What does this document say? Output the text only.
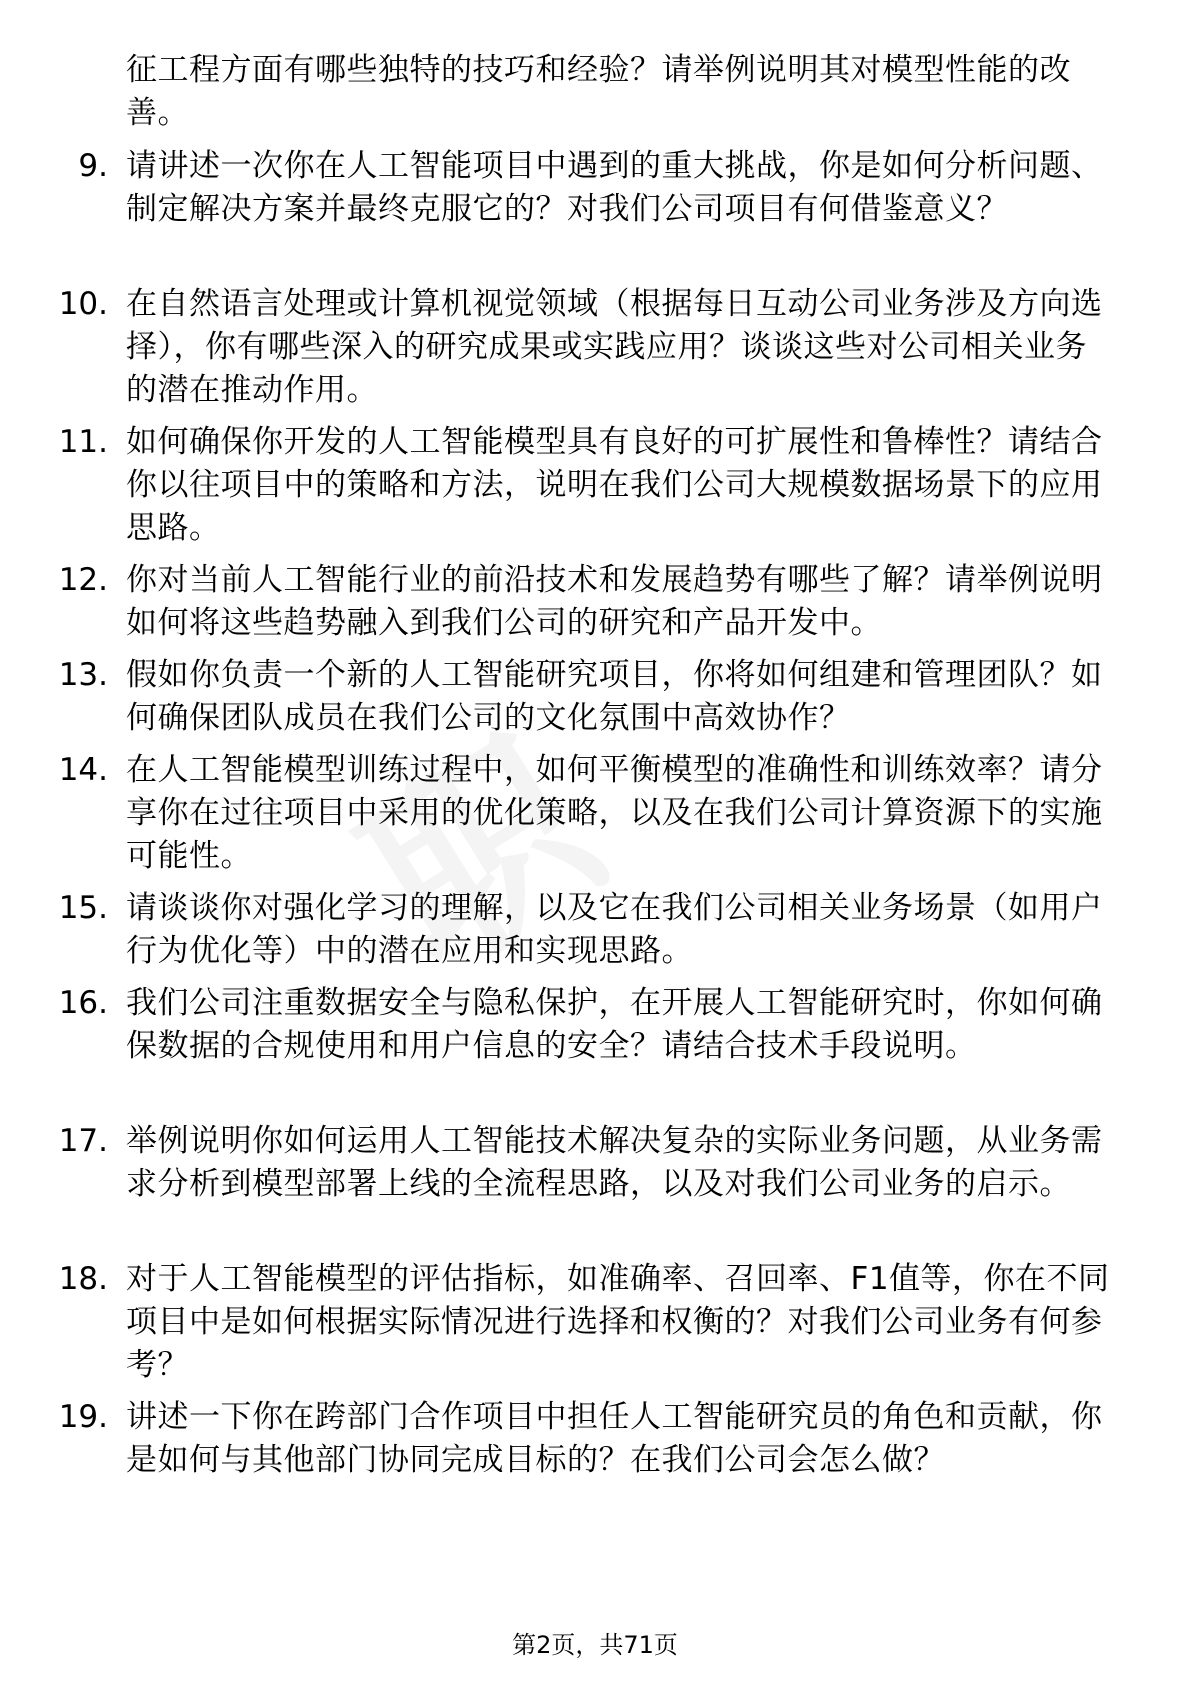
征工程方面有哪些独特的技巧和经验？请举例说明其对模型性能的改善。
9. 请讲述一次你在人工智能项目中遇到的重大挑战，你是如何分析问题、制定解决方案并最终克服它的？对我们公司项目有何借鉴意义？
10. 在自然语言处理或计算机视觉领域（根据每日互动公司业务涉及方向选择），你有哪些深入的研究成果或实践应用？谈谈这些对公司相关业务的潜在推动作用。
11. 如何确保你开发的人工智能模型具有良好的可扩展性和鲁棒性？请结合你以往项目中的策略和方法，说明在我们公司大规模数据场景下的应用思路。
12. 你对当前人工智能行业的前沿技术和发展趋势有哪些了解？请举例说明如何将这些趋势融入到我们公司的研究和产品开发中。
13. 假如你负责一个新的人工智能研究项目，你将如何组建和管理团队？如何确保团队成员在我们公司的文化氛围中高效协作？
14. 在人工智能模型训练过程中，如何平衡模型的准确性和训练效率？请分享你在过往项目中采用的优化策略，以及在我们公司计算资源下的实施可能性。
15. 请谈谈你对强化学习的理解，以及它在我们公司相关业务场景（如用户行为优化等）中的潜在应用和实现思路。
16. 我们公司注重数据安全与隐私保护，在开展人工智能研究时，你如何确保数据的合规使用和用户信息的安全？请结合技术手段说明。
17. 举例说明你如何运用人工智能技术解决复杂的实际业务问题，从业务需求分析到模型部署上线的全流程思路，以及对我们公司业务的启示。
18. 对于人工智能模型的评估指标，如准确率、召回率、F1值等，你在不同项目中是如何根据实际情况进行选择和权衡的？对我们公司业务有何参考？
19. 讲述一下你在跨部门合作项目中担任人工智能研究员的角色和贡献，你是如何与其他部门协同完成目标的？在我们公司会怎么做？
第2页，共71页
